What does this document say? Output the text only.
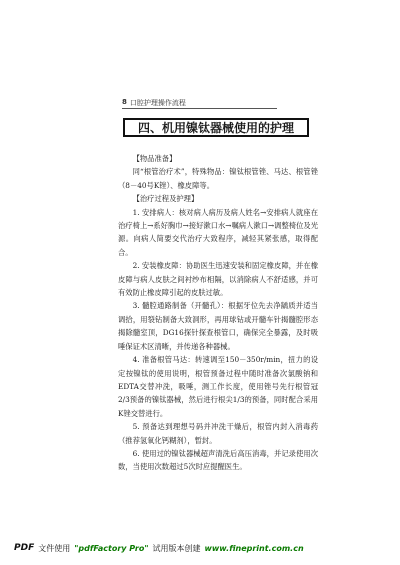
8 口腔护理操作流程
四、机用镍钛器械使用的护理

【物品准备】

同“根管治疗术”，特殊物品：镍钛根管锉、马达、根管锉（8－40号K锉）、橡皮障等。

【治疗过程及护理】

1. 安排病人：核对病人病历及病人姓名→安排病人就座在治疗椅上→系好胸巾→接好漱口水→嘱病人漱口→调整椅位及光源。向病人简要交代治疗大致程序，减轻其紧张感，取得配合。

2. 安装橡皮障：协助医生迅速安装和固定橡皮障，并在橡皮障与病人皮肤之间衬纱布相隔，以消除病人不舒适感，并可有效防止橡皮障引起的皮肤过敏。

3. 髓腔通路制备（开髓孔）：根据牙位先去净龋质并适当调拾，用裂钻制备大致洞形，再用球钻或开髓车针揭髓腔形态揭除髓室顶，DG16探针探查根管口，确保完全暴露，及时吸唾保证术区清晰，并传递各种器械。

4. 准备根管马达：转速调至150－350r/min，扭力的设定按镍钛的使用说明，根管预备过程中随时准备次氯酸钠和EDTA交替冲洗，吸唾，测工作长度，使用锉号先行根管冠2/3预备的镍钛器械，然后进行根尖1/3的预备，同时配合采用K锉交替进行。

5. 预备达到理想号码并冲洗干燥后，根管内封入消毒药（推荐氢氧化钙糊剂），暂封。

6. 使用过的镍钛器械超声清洗后高压消毒，并记录使用次数，当使用次数超过5次时应提醒医生。

PDF 文件使用 "pdfFactory Pro" 试用版本创建 www.fineprint.com.cn
